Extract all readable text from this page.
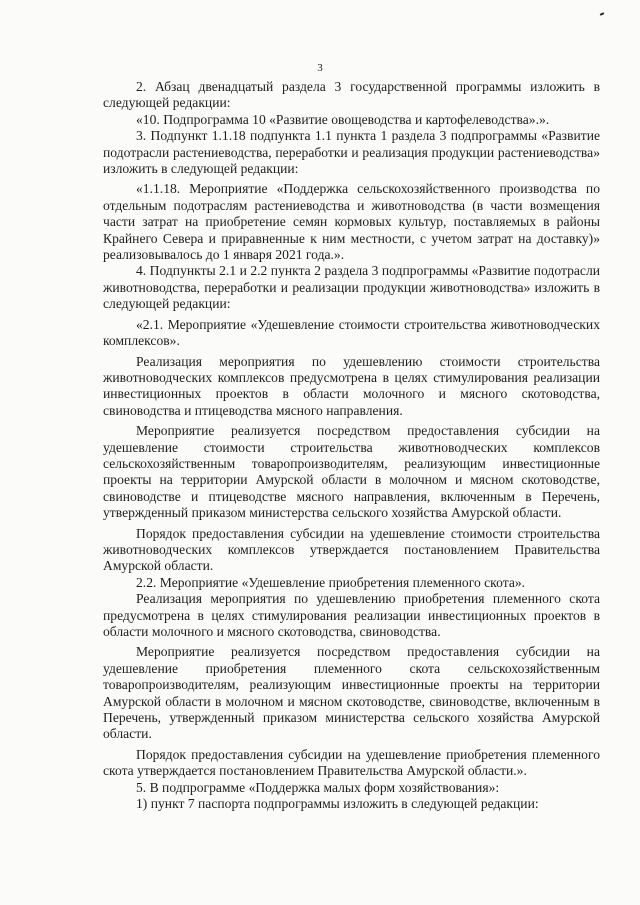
3

2. Абзац двенадцатый раздела 3 государственной программы изложить в следующей редакции:

«10. Подпрограмма 10 «Развитие овощеводства и картофелеводства».».

3. Подпункт 1.1.18 подпункта 1.1 пункта 1 раздела 3 подпрограммы «Развитие подотрасли растениеводства, переработки и реализация продукции растениеводства» изложить в следующей редакции:

«1.1.18. Мероприятие «Поддержка сельскохозяйственного производства по отдельным подотраслям растениеводства и животноводства (в части возмещения части затрат на приобретение семян кормовых культур, поставляемых в районы Крайнего Севера и приравненные к ним местности, с учетом затрат на доставку)» реализовывалось до 1 января 2021 года.».

4. Подпункты 2.1 и 2.2 пункта 2 раздела 3 подпрограммы «Развитие подотрасли животноводства, переработки и реализации продукции животноводства» изложить в следующей редакции:

«2.1. Мероприятие «Удешевление стоимости строительства животноводческих комплексов».

Реализация мероприятия по удешевлению стоимости строительства животноводческих комплексов предусмотрена в целях стимулирования реализации инвестиционных проектов в области молочного и мясного скотоводства, свиноводства и птицеводства мясного направления.

Мероприятие реализуется посредством предоставления субсидии на удешевление стоимости строительства животноводческих комплексов сельскохозяйственным товаропроизводителям, реализующим инвестиционные проекты на территории Амурской области в молочном и мясном скотоводстве, свиноводстве и птицеводстве мясного направления, включенным в Перечень, утвержденный приказом министерства сельского хозяйства Амурской области.

Порядок предоставления субсидии на удешевление стоимости строительства животноводческих комплексов утверждается постановлением Правительства Амурской области.

2.2. Мероприятие «Удешевление приобретения племенного скота».

Реализация мероприятия по удешевлению приобретения племенного скота предусмотрена в целях стимулирования реализации инвестиционных проектов в области молочного и мясного скотоводства, свиноводства.

Мероприятие реализуется посредством предоставления субсидии на удешевление приобретения племенного скота сельскохозяйственным товаропроизводителям, реализующим инвестиционные проекты на территории Амурской области в молочном и мясном скотоводстве, свиноводстве, включенным в Перечень, утвержденный приказом министерства сельского хозяйства Амурской области.

Порядок предоставления субсидии на удешевление приобретения племенного скота утверждается постановлением Правительства Амурской области.».

5. В подпрограмме «Поддержка малых форм хозяйствования»:

1) пункт 7 паспорта подпрограммы изложить в следующей редакции:
